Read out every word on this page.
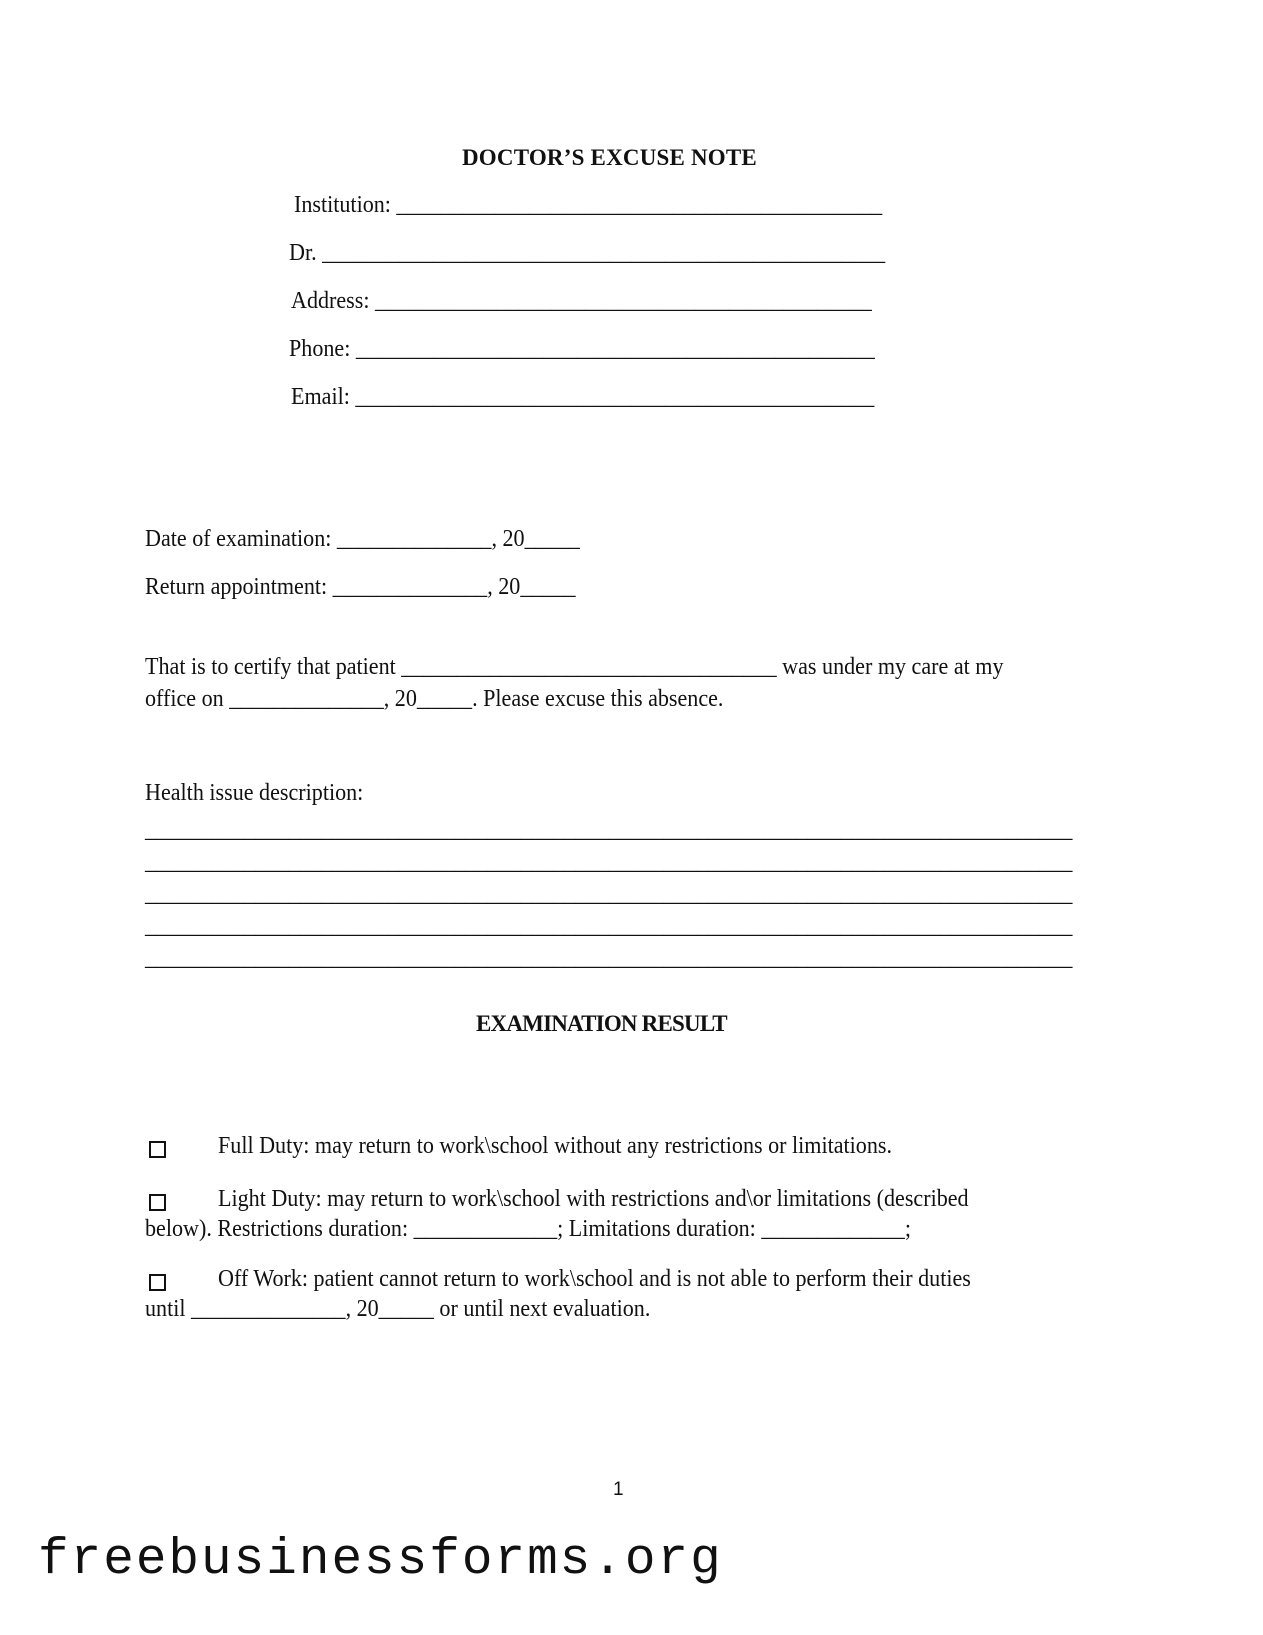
DOCTOR’S EXCUSE NOTE
Institution: ____________________________________________
Dr. ___________________________________________________
Address: _____________________________________________
Phone: _______________________________________________
Email: _______________________________________________
Date of examination: ______________, 20_____
Return appointment: ______________, 20_____
That is to certify that patient __________________________________ was under my care at my
office on ______________, 20_____. Please excuse this absence.
Health issue description:
____________________________________________________________________________________
____________________________________________________________________________________
____________________________________________________________________________________
____________________________________________________________________________________
____________________________________________________________________________________
EXAMINATION RESULT
Full Duty: may return to work\school without any restrictions or limitations.
Light Duty: may return to work\school with restrictions and\or limitations (described
below). Restrictions duration: _____________; Limitations duration: _____________;
Off Work: patient cannot return to work\school and is not able to perform their duties
until ______________, 20_____ or until next evaluation.
1
freebusinessforms.org
